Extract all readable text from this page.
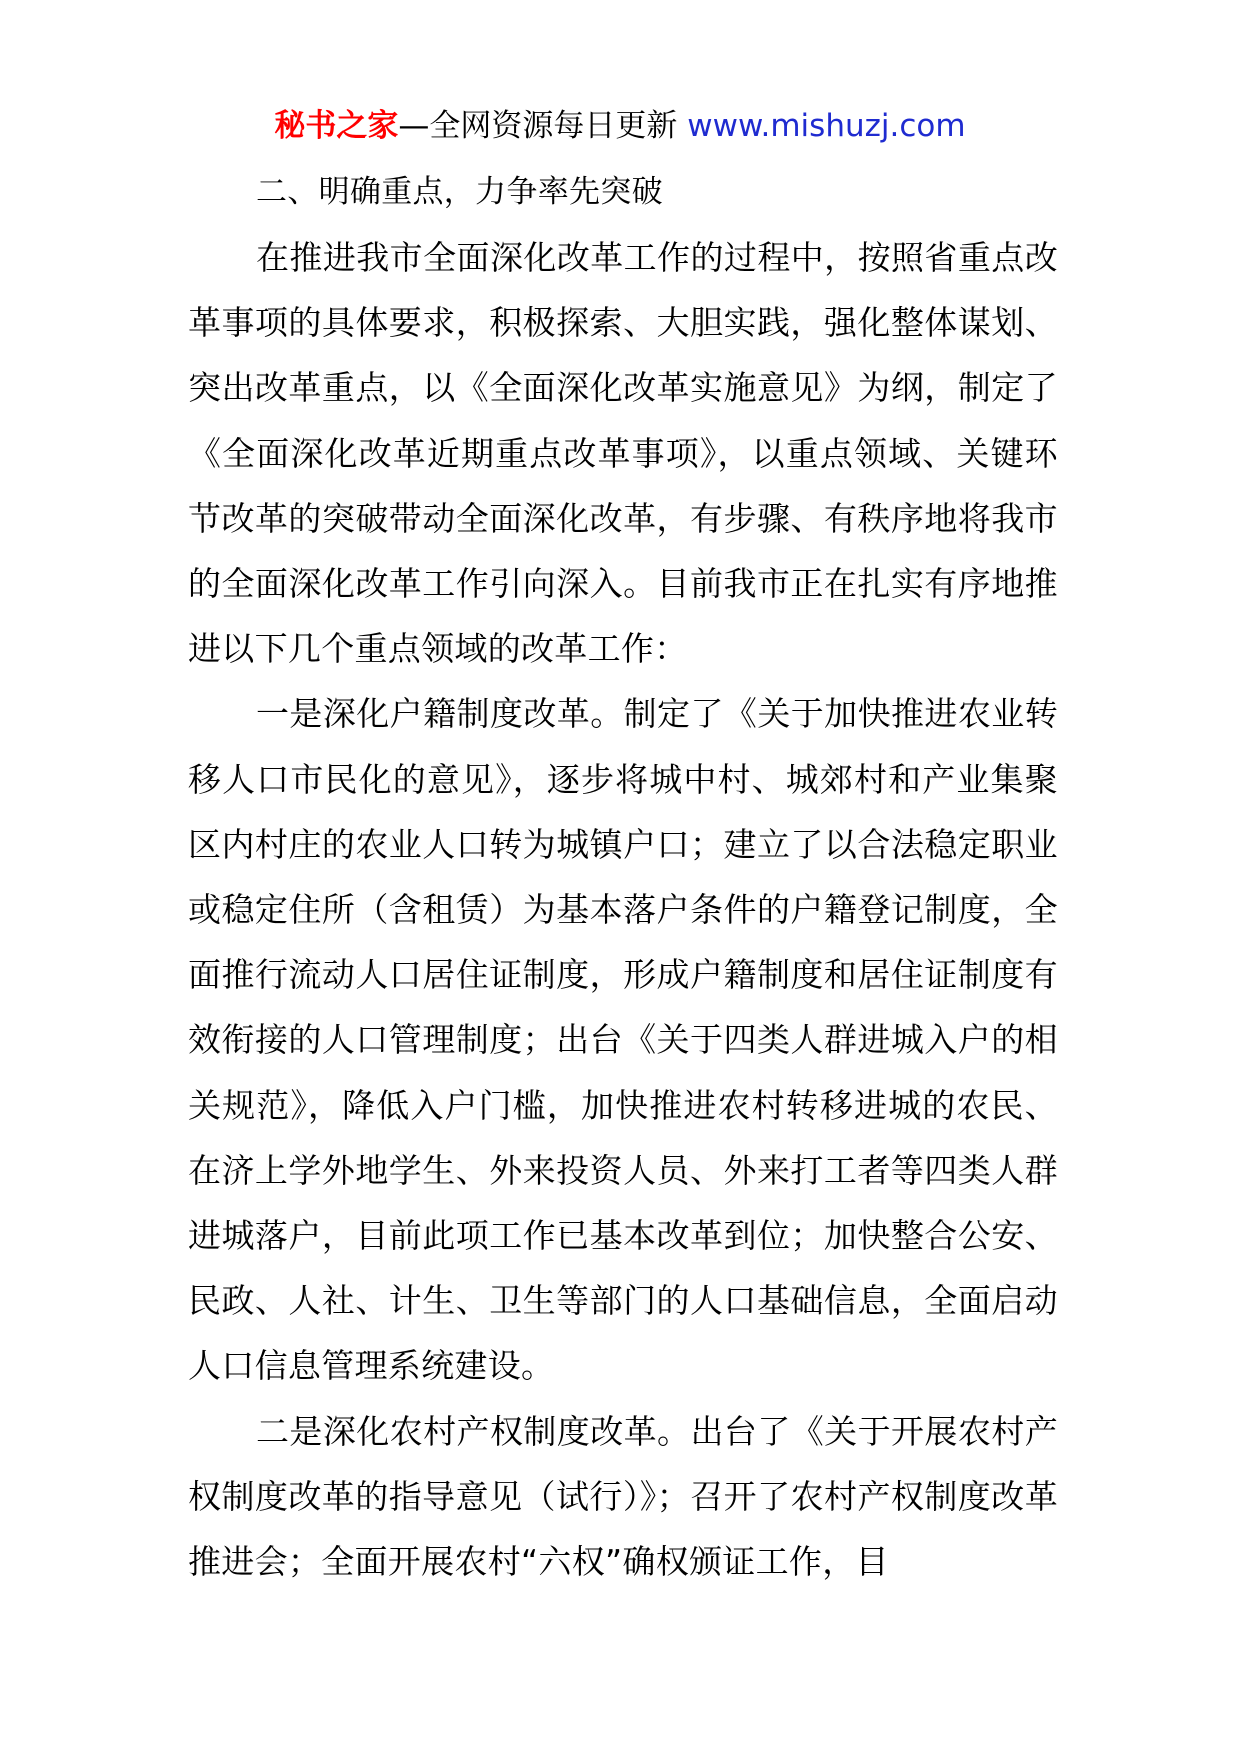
秘书之家—全网资源每日更新 www.mishuzj.com

二、明确重点，力争率先突破

在推进我市全面深化改革工作的过程中，按照省重点改革事项的具体要求，积极探索、大胆实践，强化整体谋划、突出改革重点，以《全面深化改革实施意见》为纲，制定了《全面深化改革近期重点改革事项》，以重点领域、关键环节改革的突破带动全面深化改革，有步骤、有秩序地将我市的全面深化改革工作引向深入。目前我市正在扎实有序地推进以下几个重点领域的改革工作：

一是深化户籍制度改革。制定了《关于加快推进农业转移人口市民化的意见》，逐步将城中村、城郊村和产业集聚区内村庄的农业人口转为城镇户口；建立了以合法稳定职业或稳定住所（含租赁）为基本落户条件的户籍登记制度，全面推行流动人口居住证制度，形成户籍制度和居住证制度有效衔接的人口管理制度；出台《关于四类人群进城入户的相关规范》，降低入户门槛，加快推进农村转移进城的农民、在济上学外地学生、外来投资人员、外来打工者等四类人群进城落户，目前此项工作已基本改革到位；加快整合公安、民政、人社、计生、卫生等部门的人口基础信息，全面启动人口信息管理系统建设。

二是深化农村产权制度改革。出台了《关于开展农村产权制度改革的指导意见（试行）》；召开了农村产权制度改革推进会；全面开展农村“六权”确权颁证工作，目
